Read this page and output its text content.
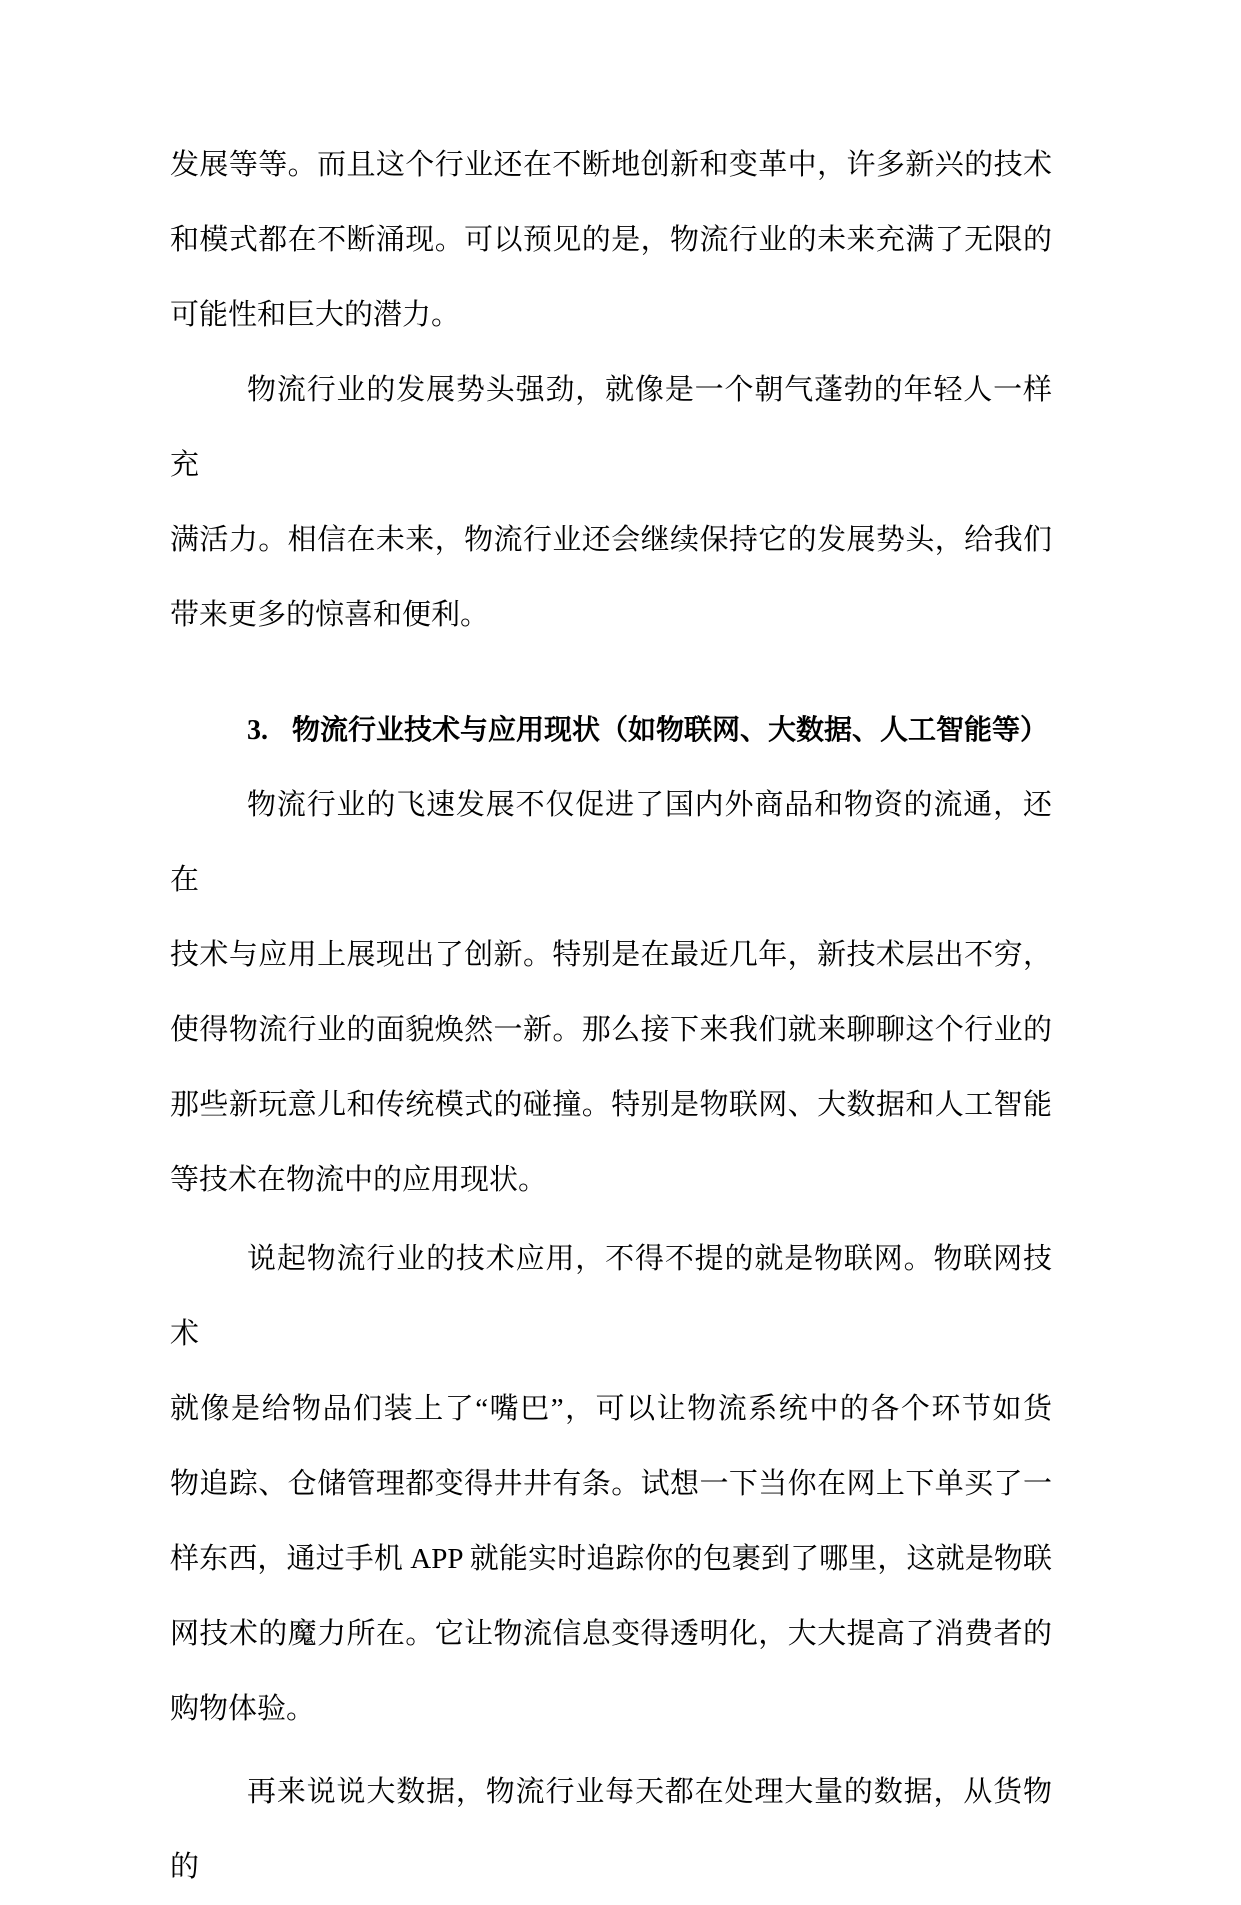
发展等等。而且这个行业还在不断地创新和变革中，许多新兴的技术
和模式都在不断涌现。可以预见的是，物流行业的未来充满了无限的
可能性和巨大的潜力。
物流行业的发展势头强劲，就像是一个朝气蓬勃的年轻人一样充
满活力。相信在未来，物流行业还会继续保持它的发展势头，给我们
带来更多的惊喜和便利。
3. 物流行业技术与应用现状（如物联网、大数据、人工智能等）
物流行业的飞速发展不仅促进了国内外商品和物资的流通，还在
技术与应用上展现出了创新。特别是在最近几年，新技术层出不穷，
使得物流行业的面貌焕然一新。那么接下来我们就来聊聊这个行业的
那些新玩意儿和传统模式的碰撞。特别是物联网、大数据和人工智能
等技术在物流中的应用现状。
说起物流行业的技术应用，不得不提的就是物联网。物联网技术
就像是给物品们装上了“嘴巴”，可以让物流系统中的各个环节如货
物追踪、仓储管理都变得井井有条。试想一下当你在网上下单买了一
样东西，通过手机 APP 就能实时追踪你的包裹到了哪里，这就是物联
网技术的魔力所在。它让物流信息变得透明化，大大提高了消费者的
购物体验。
再来说说大数据，物流行业每天都在处理大量的数据，从货物的
